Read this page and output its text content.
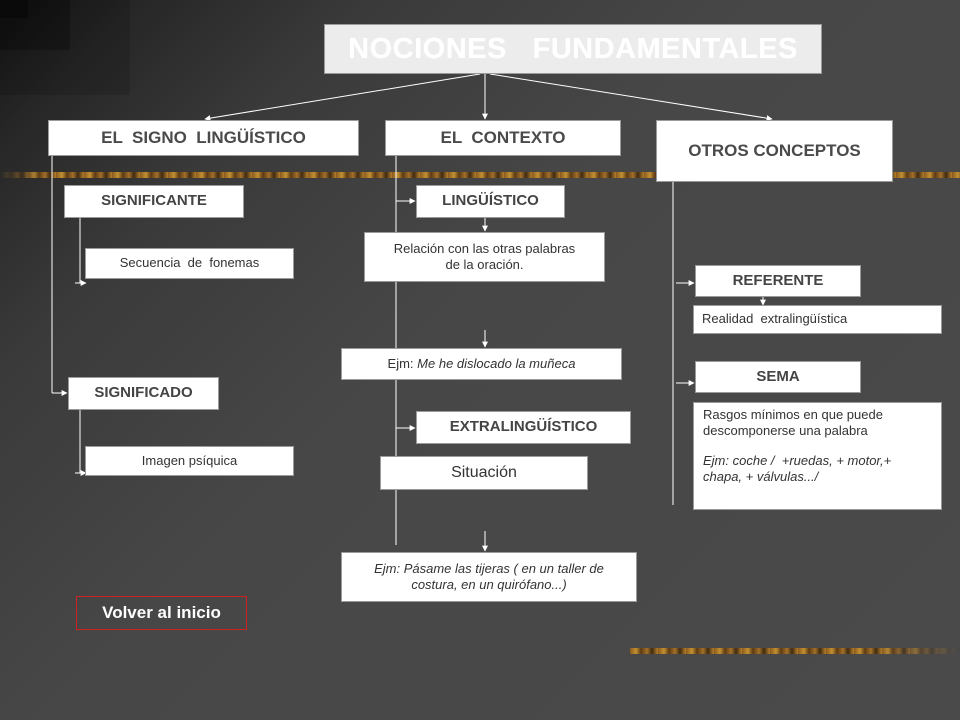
NOCIONES   FUNDAMENTALES
EL  SIGNO  LINGÜÍSTICO	EL  CONTEXTO
OTROS CONCEPTOS
SIGNIFICANTE
Secuencia  de  fonemas
SIGNIFICADO
Imagen psíquica
LINGÜÍSTICO
Relación con las otras palabras de la oración.
Ejm: Me he dislocado la muñeca
EXTRALINGÜÍSTICO
Situación
Ejm: Pásame las tijeras ( en un taller de costura, en un quirófano...)
REFERENTE
Realidad  extralingüística
SEMA
Rasgos mínimos en que puede descomponerse una palabra
Ejm: coche /  +ruedas, + motor,+ chapa, + válvulas.../
Volver al inicio
